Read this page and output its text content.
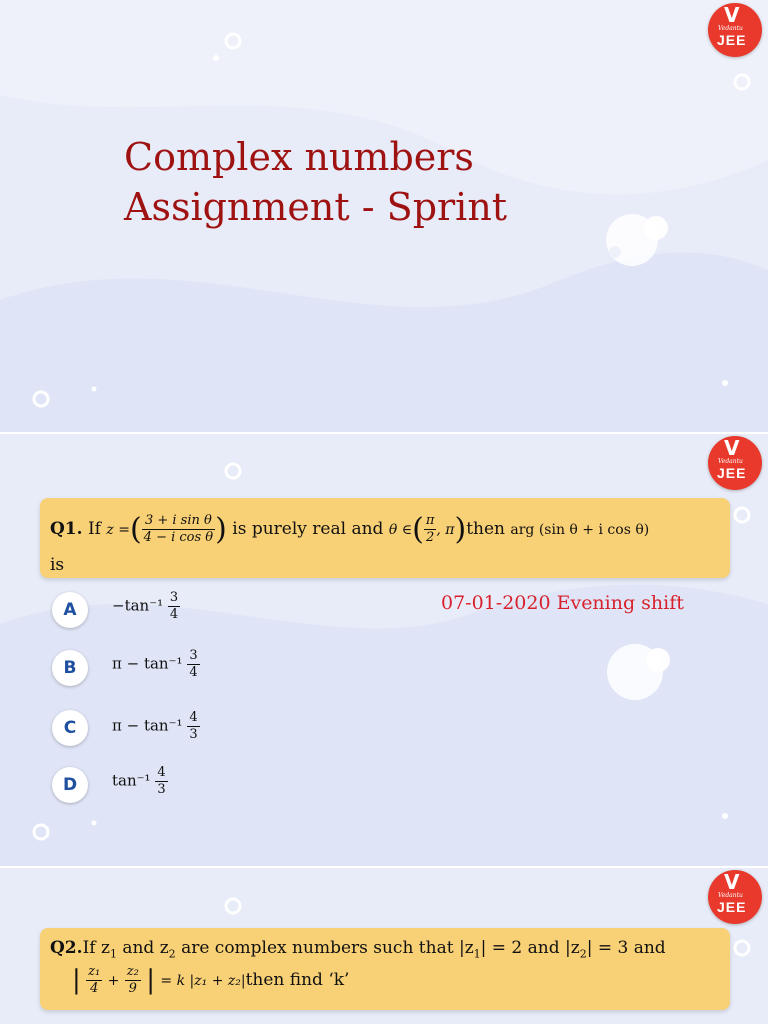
V
Vedantu
JEE
Complex numbers
Assignment - Sprint
V
Vedantu
JEE
Q1. If z =( $\frac{\text{3 + i sin θ}}{\text{4 − i cos θ}}$ ) is purely real and θ ∈( $\frac{\pi}{2}$ , π)then arg (sin θ + i cos θ)
is
A	$-\tan^{-1} \frac{3}{4}$
B	$\pi - \tan^{-1} \frac{3}{4}$
C	$\pi - \tan^{-1} \frac{4}{3}$
D	$\tan^{-1} \frac{4}{3}$
07-01-2020 Evening shift
V
Vedantu
JEE
Q2.If $z_1$ and $z_2$ are complex numbers such that $|z_1| = 2$ and $|z_2| = 3$ and
| $\frac{\text{z₁}}{4} + \frac{\text{z₂}}{9}$ | = k |z₁ + z₂|then find ‘k’
